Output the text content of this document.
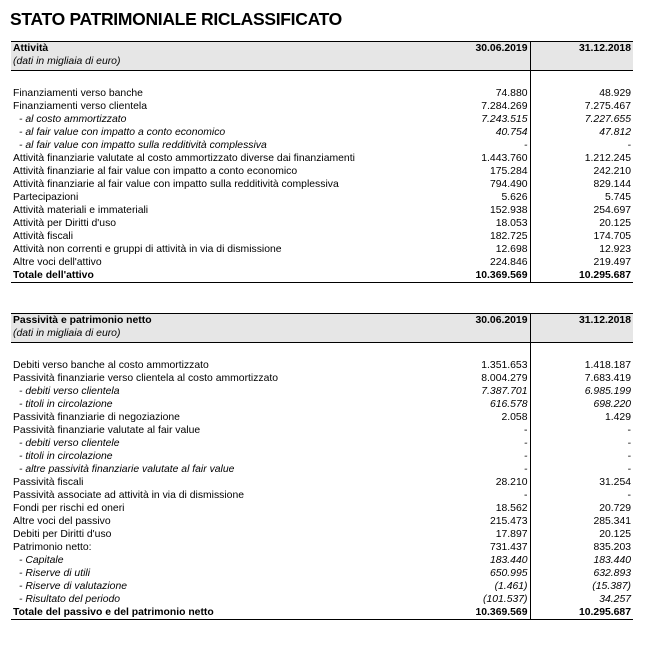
STATO PATRIMONIALE RICLASSIFICATO
Attività	30.06.2019	31.12.2018
(dati in migliaia di euro)		

Finanziamenti verso banche	74.880	48.929
Finanziamenti verso clientela	7.284.269	7.275.467
- al costo ammortizzato	7.243.515	7.227.655
- al fair value con impatto a conto economico	40.754	47.812
- al fair value con impatto sulla redditività complessiva	-	-
Attività finanziarie valutate al costo ammortizzato diverse dai finanziamenti	1.443.760	1.212.245
Attività finanziarie al fair value con impatto a conto economico	175.284	242.210
Attività finanziarie al fair value con impatto sulla redditività complessiva	794.490	829.144
Partecipazioni	5.626	5.745
Attività materiali e immateriali	152.938	254.697
Attività per Diritti d'uso	18.053	20.125
Attività fiscali	182.725	174.705
Attività non correnti e gruppi di attività in via di dismissione	12.698	12.923
Altre voci dell'attivo	224.846	219.497
Totale dell'attivo	10.369.569	10.295.687
Passività e patrimonio netto	30.06.2019	31.12.2018
(dati in migliaia di euro)		

Debiti verso banche al costo ammortizzato	1.351.653	1.418.187
Passività finanziarie verso clientela al costo ammortizzato	8.004.279	7.683.419
- debiti verso clientela	7.387.701	6.985.199
- titoli in circolazione	616.578	698.220
Passività finanziarie di negoziazione	2.058	1.429
Passività finanziarie valutate al fair value	-	-
- debiti verso clientele	-	-
- titoli in circolazione	-	-
- altre passività finanziarie valutate al fair value	-	-
Passività fiscali	28.210	31.254
Passività associate ad attività in via di dismissione	-	-
Fondi per rischi ed oneri	18.562	20.729
Altre voci del passivo	215.473	285.341
Debiti per Diritti d'uso	17.897	20.125
Patrimonio netto:	731.437	835.203
- Capitale	183.440	183.440
- Riserve di utili	650.995	632.893
- Riserve di valutazione	(1.461)	(15.387)
- Risultato del periodo	(101.537)	34.257
Totale del passivo e del patrimonio netto	10.369.569	10.295.687
